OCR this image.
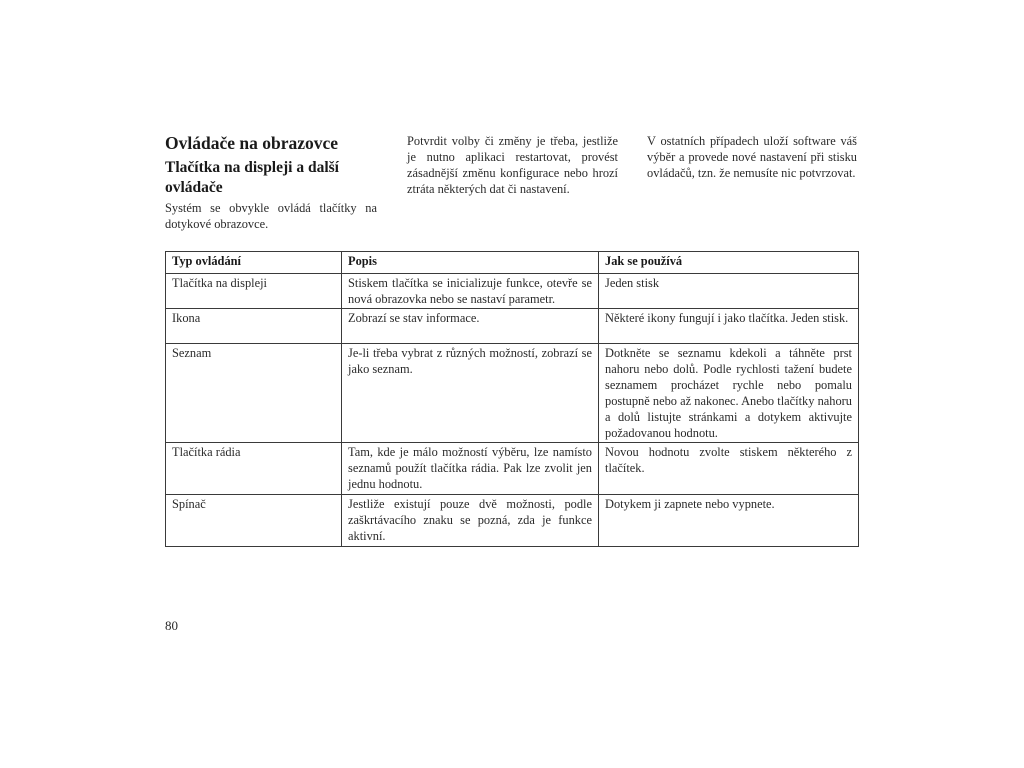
Ovládače na obrazovce
Tlačítka na displeji a další ovládače

Systém se obvykle ovládá tlačítky na dotykové obrazovce.

Potvrdit volby či změny je třeba, jestliže je nutno aplikaci restartovat, provést zásadnější změnu konfigurace nebo hrozí ztráta některých dat či nastavení.

V ostatních případech uloží software váš výběr a provede nové nastavení při stisku ovládačů, tzn. že nemusíte nic potvrzovat.

Typ ovládání	Popis	Jak se používá
Tlačítka na displeji	Stiskem tlačítka se inicializuje funkce, otevře se nová obrazovka nebo se nastaví parametr.	Jeden stisk
Ikona	Zobrazí se stav informace.	Některé ikony fungují i jako tlačítka. Jeden stisk.
Seznam	Je-li třeba vybrat z různých možností, zobrazí se jako seznam.	Dotkněte se seznamu kdekoli a táhněte prst nahoru nebo dolů. Podle rychlosti tažení budete seznamem procházet rychle nebo pomalu postupně nebo až nakonec. Anebo tlačítky nahoru a dolů listujte stránkami a dotykem aktivujte požadovanou hodnotu.
Tlačítka rádia	Tam, kde je málo možností výběru, lze namísto seznamů použít tlačítka rádia. Pak lze zvolit jen jednu hodnotu.	Novou hodnotu zvolte stiskem některého z tlačítek.
Spínač	Jestliže existují pouze dvě možnosti, podle zaškrtávacího znaku se pozná, zda je funkce aktivní.	Dotykem ji zapnete nebo vypnete.
80
